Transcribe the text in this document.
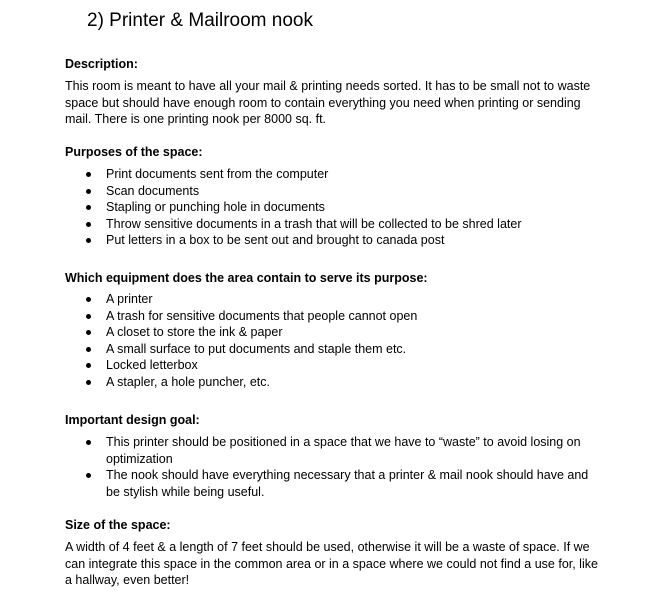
2) Printer & Mailroom nook
Description:
This room is meant to have all your mail & printing needs sorted. It has to be small not to waste space but should have enough room to contain everything you need when printing or sending mail. There is one printing nook per 8000 sq. ft.
Purposes of the space:
Print documents sent from the computer
Scan documents
Stapling or punching hole in documents
Throw sensitive documents in a trash that will be collected to be shred later
Put letters in a box to be sent out and brought to canada post
Which equipment does the area contain to serve its purpose:
A printer
A trash for sensitive documents that people cannot open
A closet to store the ink & paper
A small surface to put documents and staple them etc.
Locked letterbox
A stapler, a hole puncher, etc.
Important design goal:
This printer should be positioned in a space that we have to “waste” to avoid losing on optimization
The nook should have everything necessary that a printer & mail nook should have and be stylish while being useful.
Size of the space:
A width of 4 feet & a length of 7 feet should be used, otherwise it will be a waste of space. If we can integrate this space in the common area or in a space where we could not find a use for, like a hallway, even better!
